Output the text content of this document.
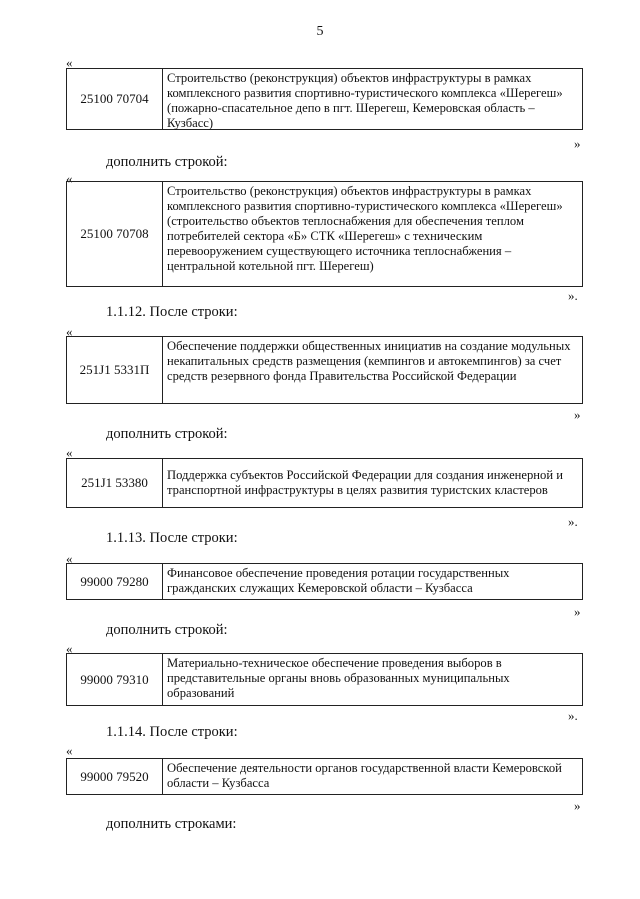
5
«
25100 70704
Строительство (реконструкция) объектов инфраструктуры в рамках комплексного развития спортивно-туристического комплекса «Шерегеш» (пожарно-спасательное депо в пгт. Шерегеш, Кемеровская область – Кузбасс)
»
дополнить строкой:
«
25100 70708
Строительство (реконструкция) объектов инфраструктуры в рамках комплексного развития спортивно-туристического комплекса «Шерегеш» (строительство объектов теплоснабжения для обеспечения теплом потребителей сектора «Б» СТК «Шерегеш» с техническим перевооружением существующего источника теплоснабжения – центральной котельной пгт. Шерегеш)
».
1.1.12. После строки:
«
251J1 5331П
Обеспечение поддержки общественных инициатив на создание модульных некапитальных средств размещения (кемпингов и автокемпингов) за счет средств резервного фонда Правительства Российской Федерации
»
дополнить строкой:
«
251J1 53380	Поддержка субъектов Российской Федерации для создания инженерной и транспортной инфраструктуры в целях развития туристских кластеров
».
1.1.13. После строки:
«
99000 79280
Финансовое обеспечение проведения ротации государственных гражданских служащих Кемеровской области – Кузбасса
»
дополнить строкой:
«
99000 79310
Материально-техническое обеспечение проведения выборов в представительные органы вновь образованных муниципальных образований
».
1.1.14. После строки:
«
99000 79520
Обеспечение деятельности органов государственной власти Кемеровской области – Кузбасса
»
дополнить строками:
